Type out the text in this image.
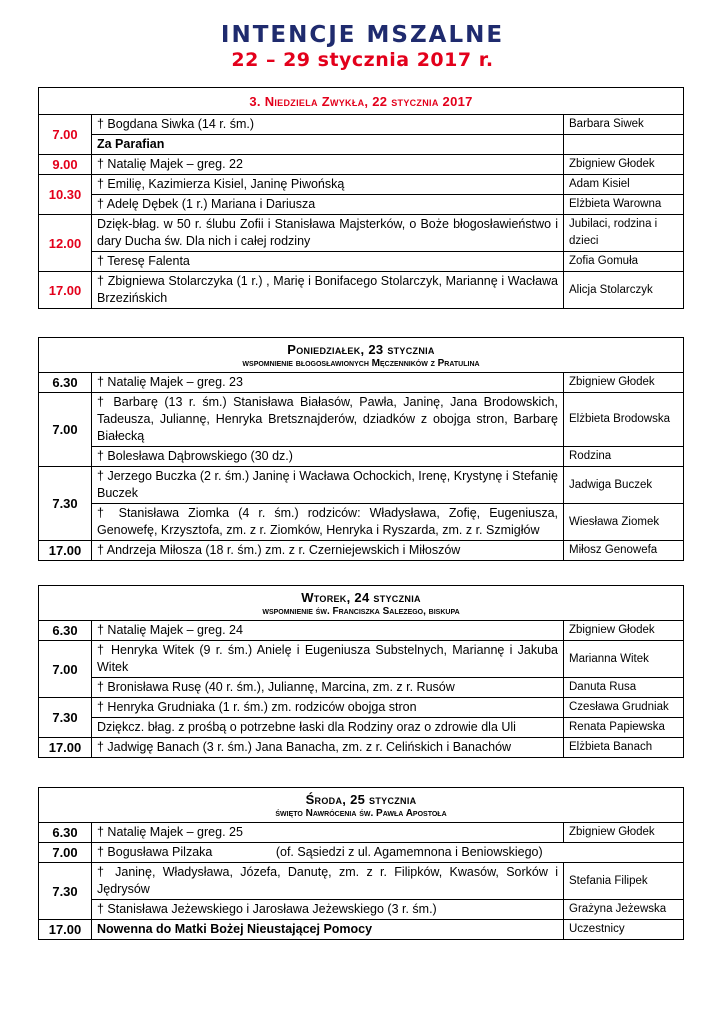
INTENCJE MSZALNE
22 – 29 stycznia 2017 r.
3. Niedziela Zwykła, 22 stycznia 2017		

7.00	† Bogdana Siwka (14 r. śm.)	Barbara Siwek
	Za Parafian	
9.00	† Natalię Majek – greg. 22	Zbigniew Głodek
10.30	† Emilię, Kazimierza Kisiel, Janinę Piwońską	Adam Kisiel
	† Adelę Dębek (1 r.) Mariana i Dariusza	Elżbieta Warowna
12.00	Dzięk-błag. w 50 r. ślubu Zofii i Stanisława Majsterków, o Boże błogosławieństwo i dary Ducha św. Dla nich i całej rodziny	Jubilaci, rodzina i dzieci
	† Teresę Falenta	Zofia Gomuła
17.00	† Zbigniewa Stolarczyka (1 r.) , Marię i Bonifacego Stolarczyk, Mariannę i Wacława Brzezińskich	Alicja Stolarczyk
Poniedziałek, 23 stycznia
wspomnienie błogosławionych Męczenników z Pratulina		

6.30	† Natalię Majek – greg. 23	Zbigniew Głodek
7.00	† Barbarę (13 r. śm.) Stanisława Białasów, Pawła, Janinę, Jana Brodowskich, Tadeusza, Juliannę, Henryka Bretsznajderów, dziadków z obojga stron, Barbarę Białecką	Elżbieta Brodowska
	† Bolesława Dąbrowskiego (30 dz.)	Rodzina
7.30	† Jerzego Buczka (2 r. śm.) Janinę i Wacława Ochockich, Irenę, Krystynę i Stefanię Buczek	Jadwiga Buczek
	† Stanisława Ziomka (4 r. śm.) rodziców: Władysława, Zofię, Eugeniusza, Genowefę, Krzysztofa, zm. z r. Ziomków, Henryka i Ryszarda, zm. z r. Szmigłów	Wiesława Ziomek
17.00	† Andrzeja Miłosza (18 r. śm.) zm. z r. Czerniejewskich i Miłoszów	Miłosz Genowefa
Wtorek, 24 stycznia
wspomnienie św. Franciszka Salezego, biskupa		

6.30	† Natalię Majek – greg. 24	Zbigniew Głodek
7.00	† Henryka Witek (9 r. śm.) Anielę i Eugeniusza Substelnych, Mariannę i Jakuba Witek	Marianna Witek
	† Bronisława Rusę (40 r. śm.), Juliannę, Marcina, zm. z r. Rusów	Danuta Rusa
7.30	† Henryka Grudniaka (1 r. śm.) zm. rodziców obojga stron	Czesława Grudniak
	Dziękcz. błag. z prośbą o potrzebne łaski dla Rodziny oraz o zdrowie dla Uli	Renata Papiewska
17.00	† Jadwigę Banach (3 r. śm.) Jana Banacha, zm. z r. Celińskich i Banachów	Elżbieta Banach
Środa, 25 stycznia
święto Nawrócenia św. Pawła Apostoła		

6.30	† Natalię Majek – greg. 25	Zbigniew Głodek
7.00	† Bogusława Pilzaka (of. Sąsiedzi z ul. Agamemnona i Beniowskiego)	
7.30	† Janinę, Władysława, Józefa, Danutę, zm. z r. Filipków, Kwasów, Sorków i Jędrysów	Stefania Filipek
	† Stanisława Jeżewskiego i Jarosława Jeżewskiego (3 r. śm.)	Grażyna Jeżewska
17.00	Nowenna do Matki Bożej Nieustającej Pomocy	Uczestnicy
